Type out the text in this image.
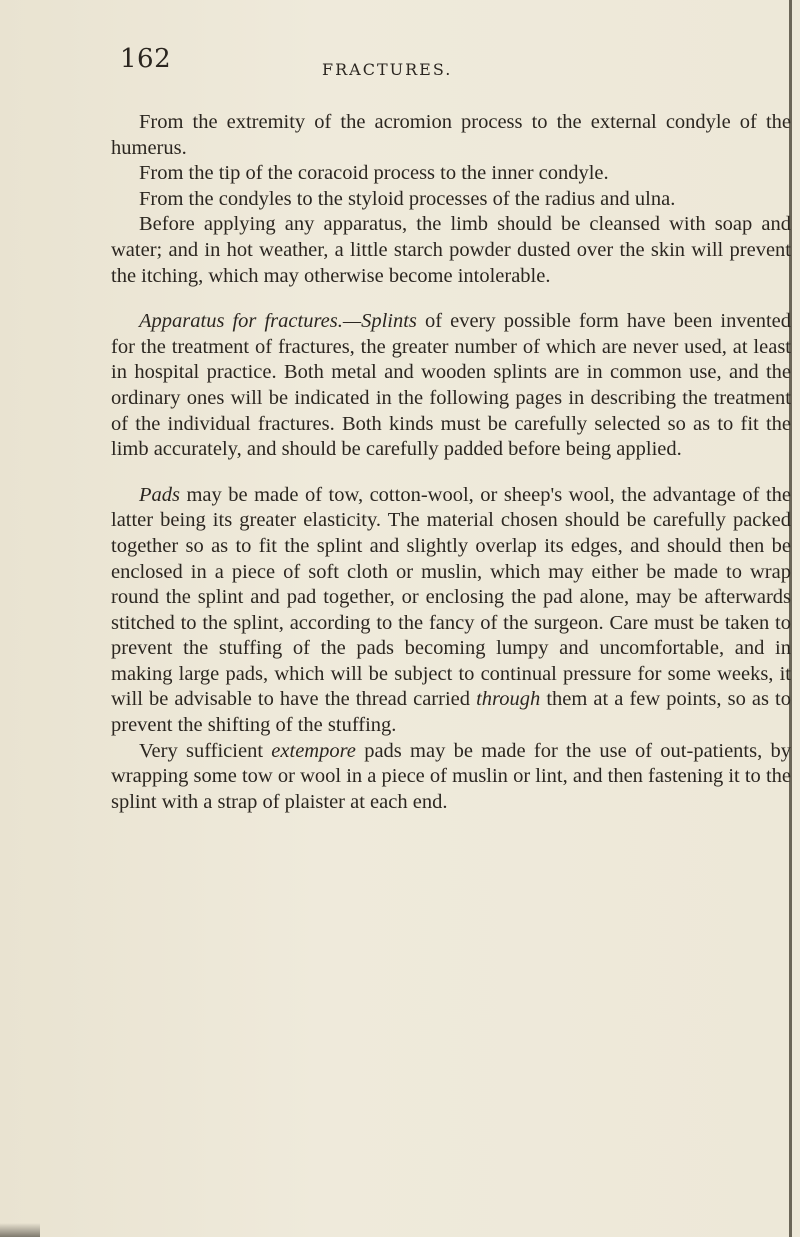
162	FRACTURES.

From the extremity of the acromion process to the external condyle of the humerus.

From the tip of the coracoid process to the inner condyle.

From the condyles to the styloid processes of the radius and ulna.

Before applying any apparatus, the limb should be cleansed with soap and water; and in hot weather, a little starch powder dusted over the skin will prevent the itching, which may otherwise become intolerable.

Apparatus for fractures.—Splints of every possible form have been invented for the treatment of fractures, the greater number of which are never used, at least in hospital practice. Both metal and wooden splints are in common use, and the ordinary ones will be indicated in the following pages in describing the treatment of the individual fractures. Both kinds must be carefully selected so as to fit the limb accurately, and should be carefully padded before being applied.

Pads may be made of tow, cotton-wool, or sheep's wool, the advantage of the latter being its greater elasticity. The material chosen should be carefully packed together so as to fit the splint and slightly overlap its edges, and should then be enclosed in a piece of soft cloth or muslin, which may either be made to wrap round the splint and pad together, or enclosing the pad alone, may be afterwards stitched to the splint, according to the fancy of the surgeon. Care must be taken to prevent the stuffing of the pads becoming lumpy and uncomfortable, and in making large pads, which will be subject to continual pressure for some weeks, it will be advisable to have the thread carried through them at a few points, so as to prevent the shifting of the stuffing.

Very sufficient extempore pads may be made for the use of out-patients, by wrapping some tow or wool in a piece of muslin or lint, and then fastening it to the splint with a strap of plaister at each end.
